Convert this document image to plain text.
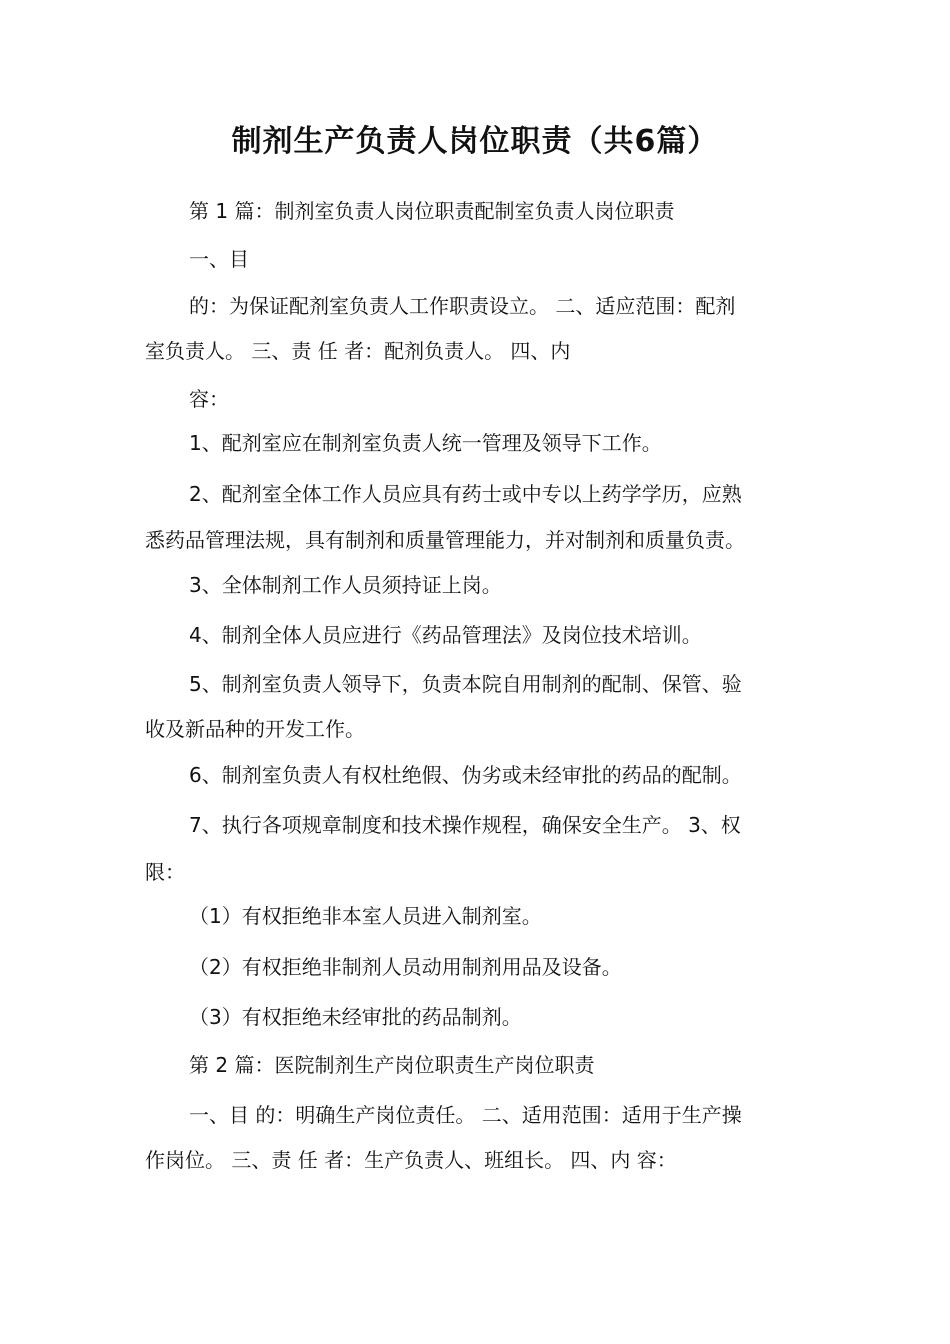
制剂生产负责人岗位职责（共6篇）

第 1 篇：制剂室负责人岗位职责配制室负责人岗位职责

一、目

的：为保证配剂室负责人工作职责设立。 二、适应范围：配剂

室负责人。 三、责 任 者：配剂负责人。 四、内

容：

1、配剂室应在制剂室负责人统一管理及领导下工作。

2、配剂室全体工作人员应具有药士或中专以上药学学历，应熟

悉药品管理法规，具有制剂和质量管理能力，并对制剂和质量负责。

3、全体制剂工作人员须持证上岗。

4、制剂全体人员应进行《药品管理法》及岗位技术培训。

5、制剂室负责人领导下，负责本院自用制剂的配制、保管、验

收及新品种的开发工作。

6、制剂室负责人有权杜绝假、伪劣或未经审批的药品的配制。

7、执行各项规章制度和技术操作规程，确保安全生产。 3、权

限：

（1）有权拒绝非本室人员进入制剂室。

（2）有权拒绝非制剂人员动用制剂用品及设备。

（3）有权拒绝未经审批的药品制剂。

第 2 篇：医院制剂生产岗位职责生产岗位职责

一、目 的：明确生产岗位责任。 二、适用范围：适用于生产操

作岗位。 三、责 任 者：生产负责人、班组长。 四、内 容：
